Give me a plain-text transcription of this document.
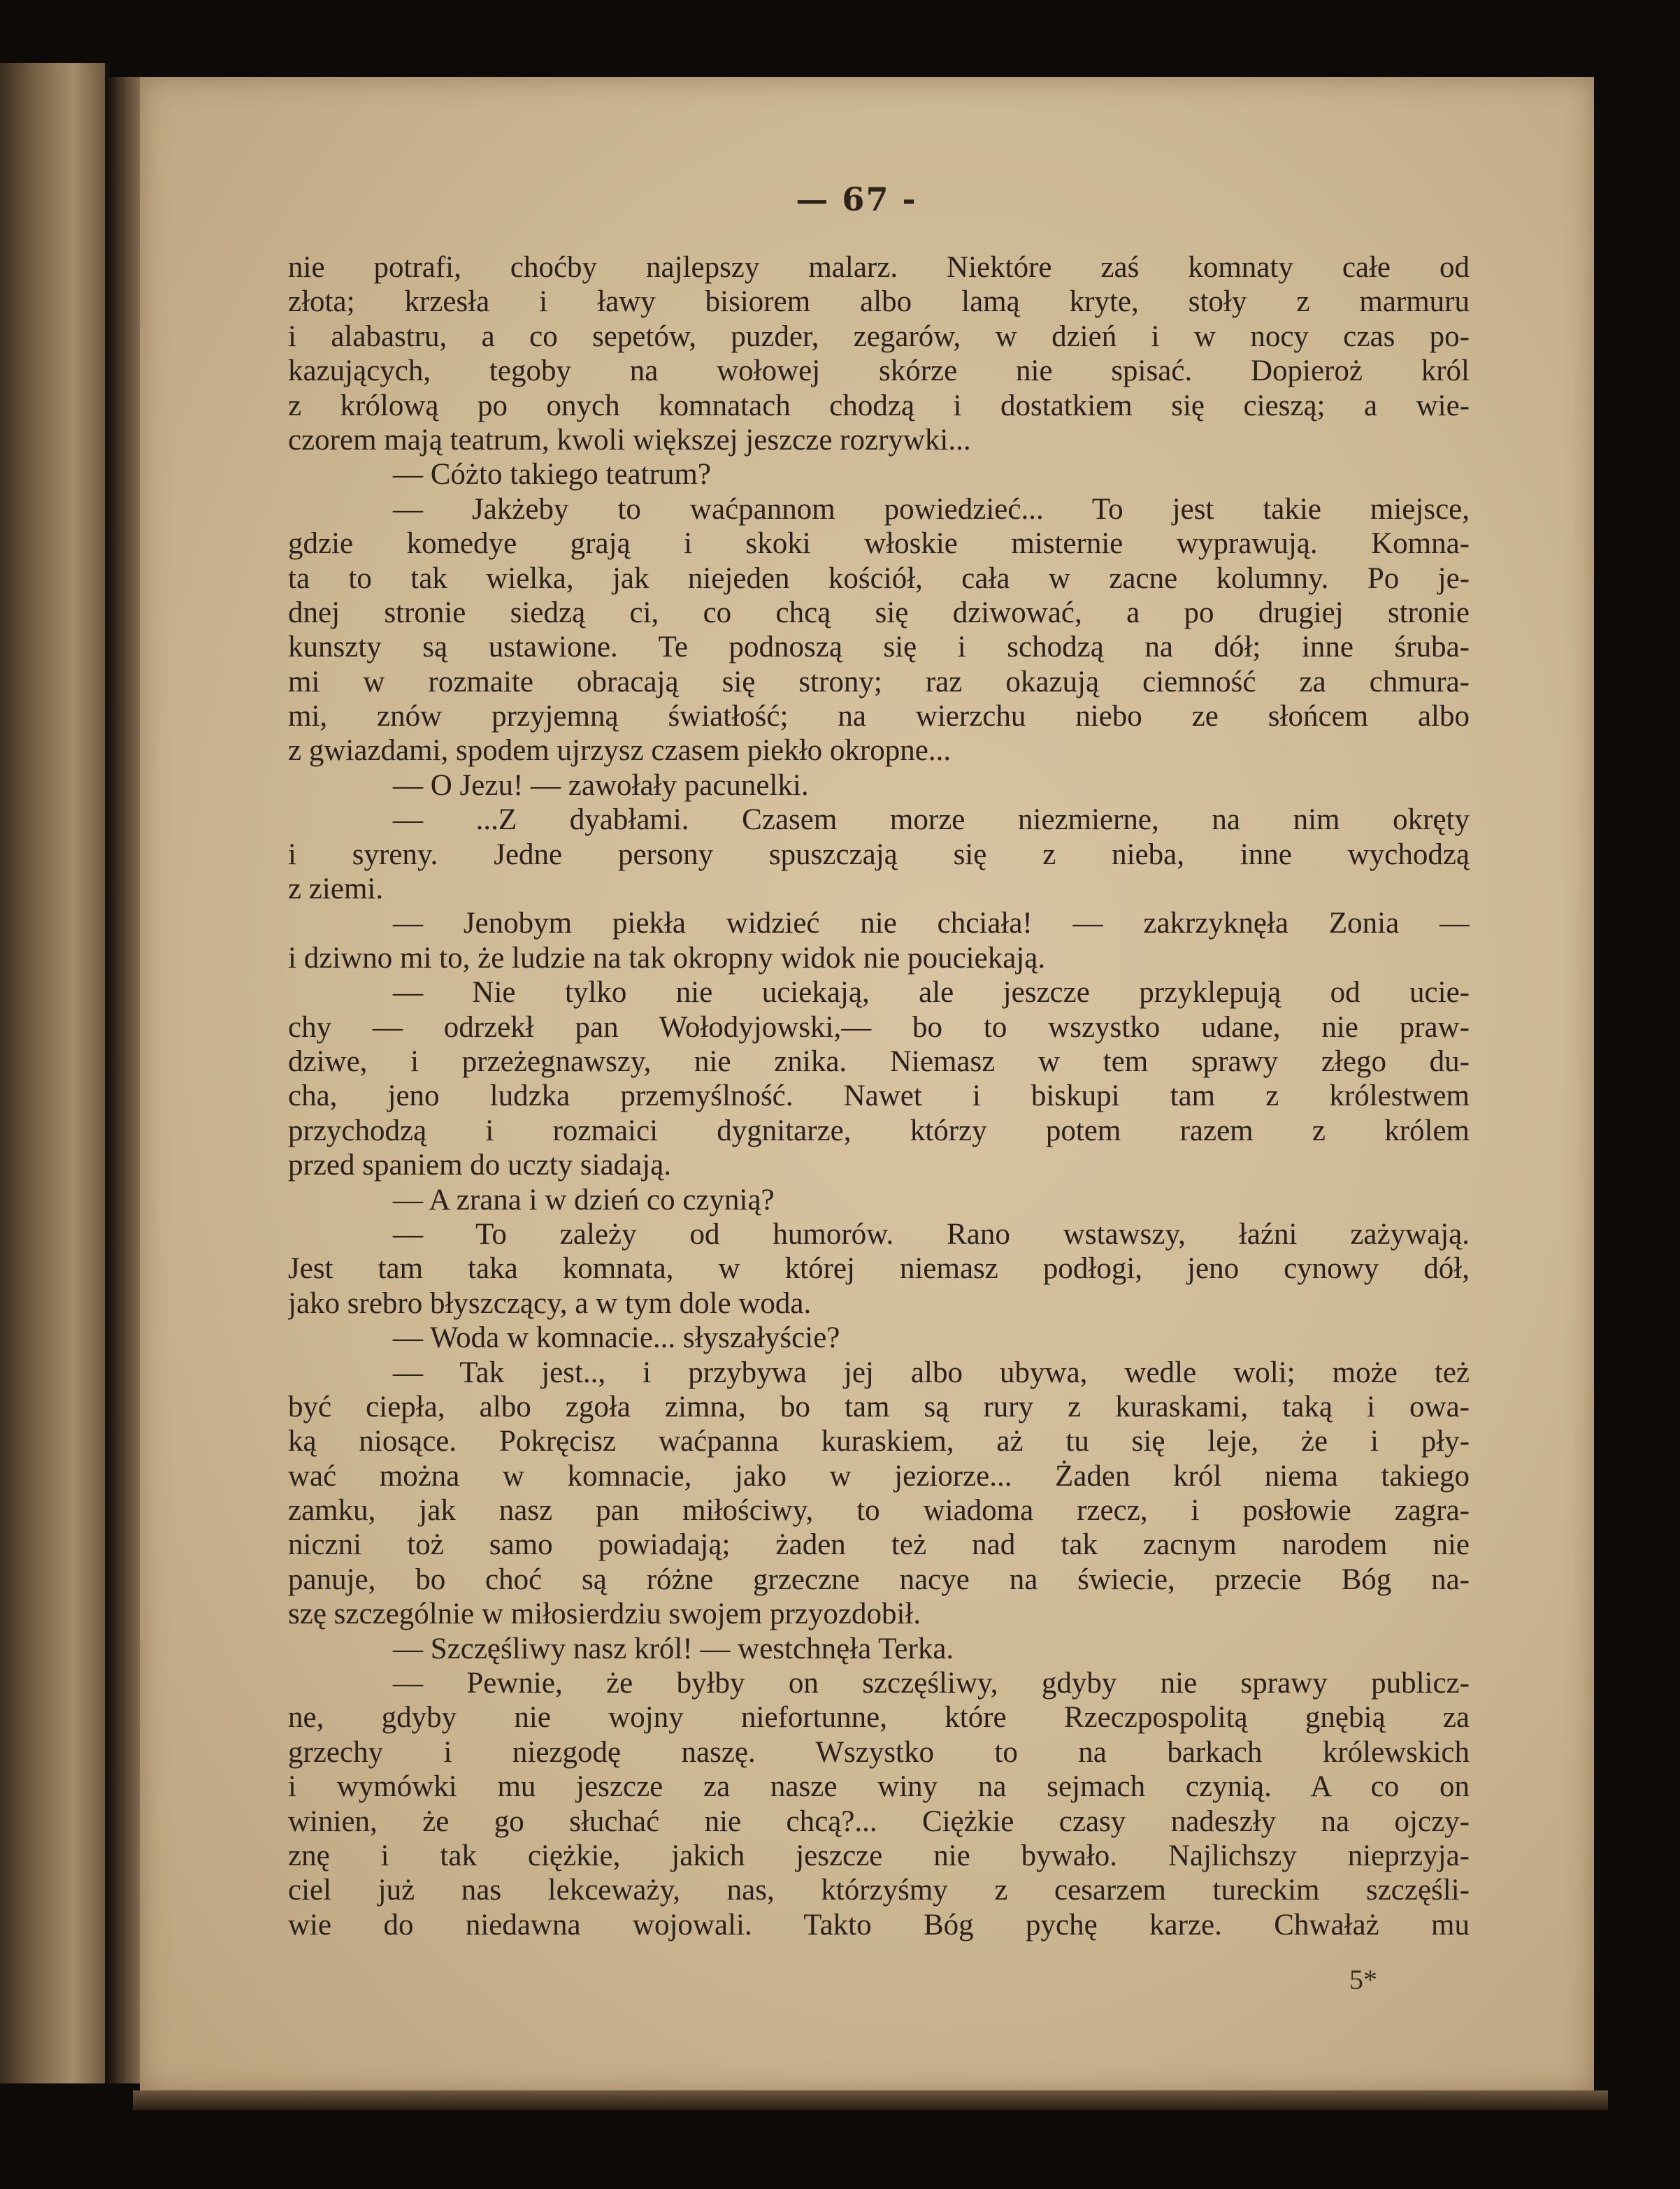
— 67 -
nie potrafi, choćby najlepszy malarz. Niektóre zaś komnaty całe od
złota; krzesła i ławy bisiorem albo lamą kryte, stoły z marmuru
i alabastru, a co sepetów, puzder, zegarów, w dzień i w nocy czas po-
kazujących, tegoby na wołowej skórze nie spisać. Dopieroż król
z królową po onych komnatach chodzą i dostatkiem się cieszą; a wie-
czorem mają teatrum, kwoli większej jeszcze rozrywki...
— Cóżto takiego teatrum?
— Jakżeby to waćpannom powiedzieć... To jest takie miejsce,
gdzie komedye grają i skoki włoskie misternie wyprawują. Komna-
ta to tak wielka, jak niejeden kościół, cała w zacne kolumny. Po je-
dnej stronie siedzą ci, co chcą się dziwować, a po drugiej stronie
kunszty są ustawione. Te podnoszą się i schodzą na dół; inne śruba-
mi w rozmaite obracają się strony; raz okazują ciemność za chmura-
mi, znów przyjemną światłość; na wierzchu niebo ze słońcem albo
z gwiazdami, spodem ujrzysz czasem piekło okropne...
— O Jezu! — zawołały pacunelki.
— ...Z dyabłami. Czasem morze niezmierne, na nim okręty
i syreny. Jedne persony spuszczają się z nieba, inne wychodzą
z ziemi.
— Jenobym piekła widzieć nie chciała! — zakrzyknęła Zonia —
i dziwno mi to, że ludzie na tak okropny widok nie pouciekają.
— Nie tylko nie uciekają, ale jeszcze przyklepują od ucie-
chy — odrzekł pan Wołodyjowski,— bo to wszystko udane, nie praw-
dziwe, i przeżegnawszy, nie znika. Niemasz w tem sprawy złego du-
cha, jeno ludzka przemyślność. Nawet i biskupi tam z królestwem
przychodzą i rozmaici dygnitarze, którzy potem razem z królem
przed spaniem do uczty siadają.
— A zrana i w dzień co czynią?
— To zależy od humorów. Rano wstawszy, łaźni zażywają.
Jest tam taka komnata, w której niemasz podłogi, jeno cynowy dół,
jako srebro błyszczący, a w tym dole woda.
— Woda w komnacie... słyszałyście?
— Tak jest.., i przybywa jej albo ubywa, wedle woli; może też
być ciepła, albo zgoła zimna, bo tam są rury z kuraskami, taką i owa-
ką niosące. Pokręcisz waćpanna kuraskiem, aż tu się leje, że i pły-
wać można w komnacie, jako w jeziorze... Żaden król niema takiego
zamku, jak nasz pan miłościwy, to wiadoma rzecz, i posłowie zagra-
niczni toż samo powiadają; żaden też nad tak zacnym narodem nie
panuje, bo choć są różne grzeczne nacye na świecie, przecie Bóg na-
szę szczególnie w miłosierdziu swojem przyozdobił.
— Szczęśliwy nasz król! — westchnęła Terka.
— Pewnie, że byłby on szczęśliwy, gdyby nie sprawy publicz-
ne, gdyby nie wojny niefortunne, które Rzeczpospolitą gnębią za
grzechy i niezgodę naszę. Wszystko to na barkach królewskich
i wymówki mu jeszcze za nasze winy na sejmach czynią. A co on
winien, że go słuchać nie chcą?... Ciężkie czasy nadeszły na ojczy-
znę i tak ciężkie, jakich jeszcze nie bywało. Najlichszy nieprzyja-
ciel już nas lekceważy, nas, którzyśmy z cesarzem tureckim szczęśli-
wie do niedawna wojowali. Takto Bóg pychę karze. Chwałaż mu
5*
